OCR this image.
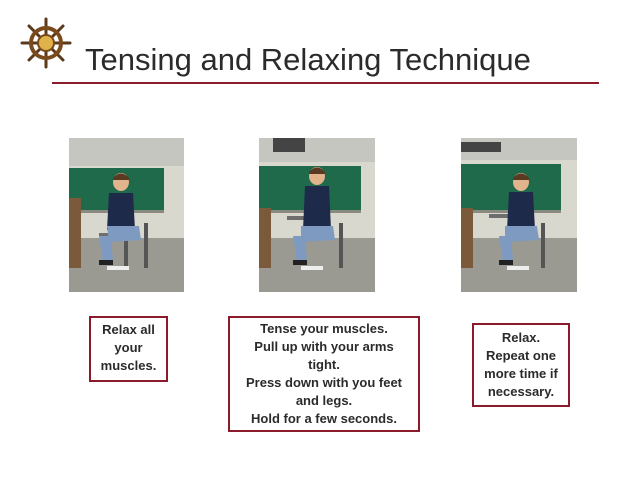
Tensing and Relaxing Technique
Relax all
your
muscles.
Tense your muscles.
Pull up with your arms
tight.
Press down with you feet
and legs.
Hold for a few seconds.
Relax.
Repeat one
more time if
necessary.
